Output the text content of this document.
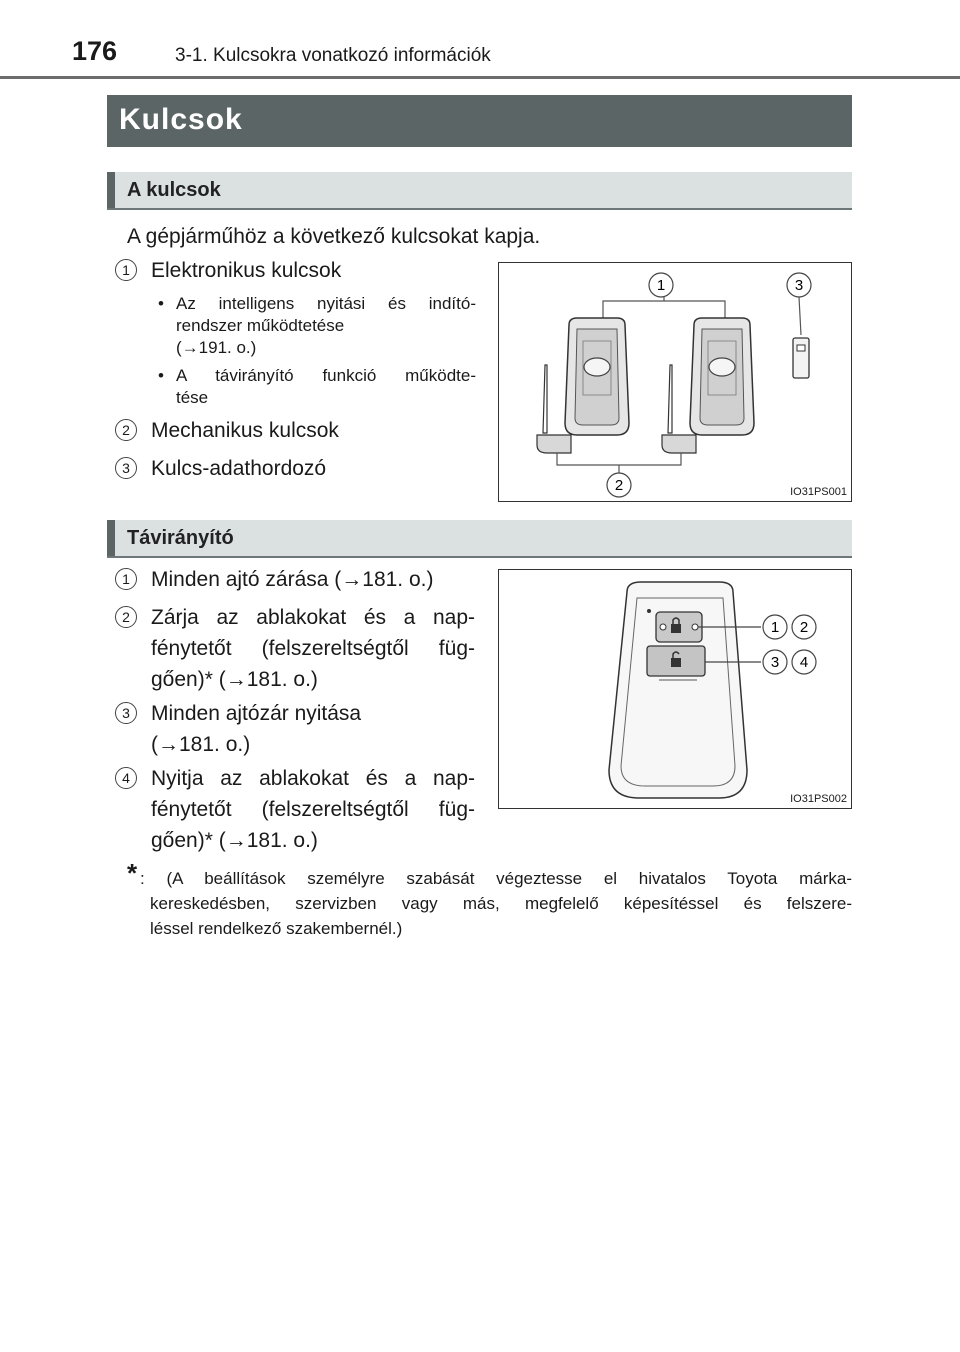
176	3-1. Kulcsokra vonatkozó információk
Kulcsok
A kulcsok
A gépjárműhöz a következő kulcsokat kapja.
1	Elektronikus kulcsok
• Az intelligens nyitási és indító-
rendszer működtetése
(→191. o.)
• A távirányító funkció működte-
tése
2	Mechanikus kulcsok
3	Kulcs-adathordozó
1	3
2	IO31PS001
Távirányító
1	Minden ajtó zárása (→181. o.)
2	Zárja az ablakokat és a nap-
fénytetőt (felszereltségtől füg-
gően)* (→181. o.)
3	Minden ajtózár nyitása
(→181. o.)
4	Nyitja az ablakokat és a nap-
fénytetőt (felszereltségtől füg-
gően)* (→181. o.)
1 2
3 4
IO31PS002
* : (A beállítások személyre szabását végeztesse el hivatalos Toyota márka-
kereskedésben, szervizben vagy más, megfelelő képesítéssel és felszere-
léssel rendelkező szakembernél.)
